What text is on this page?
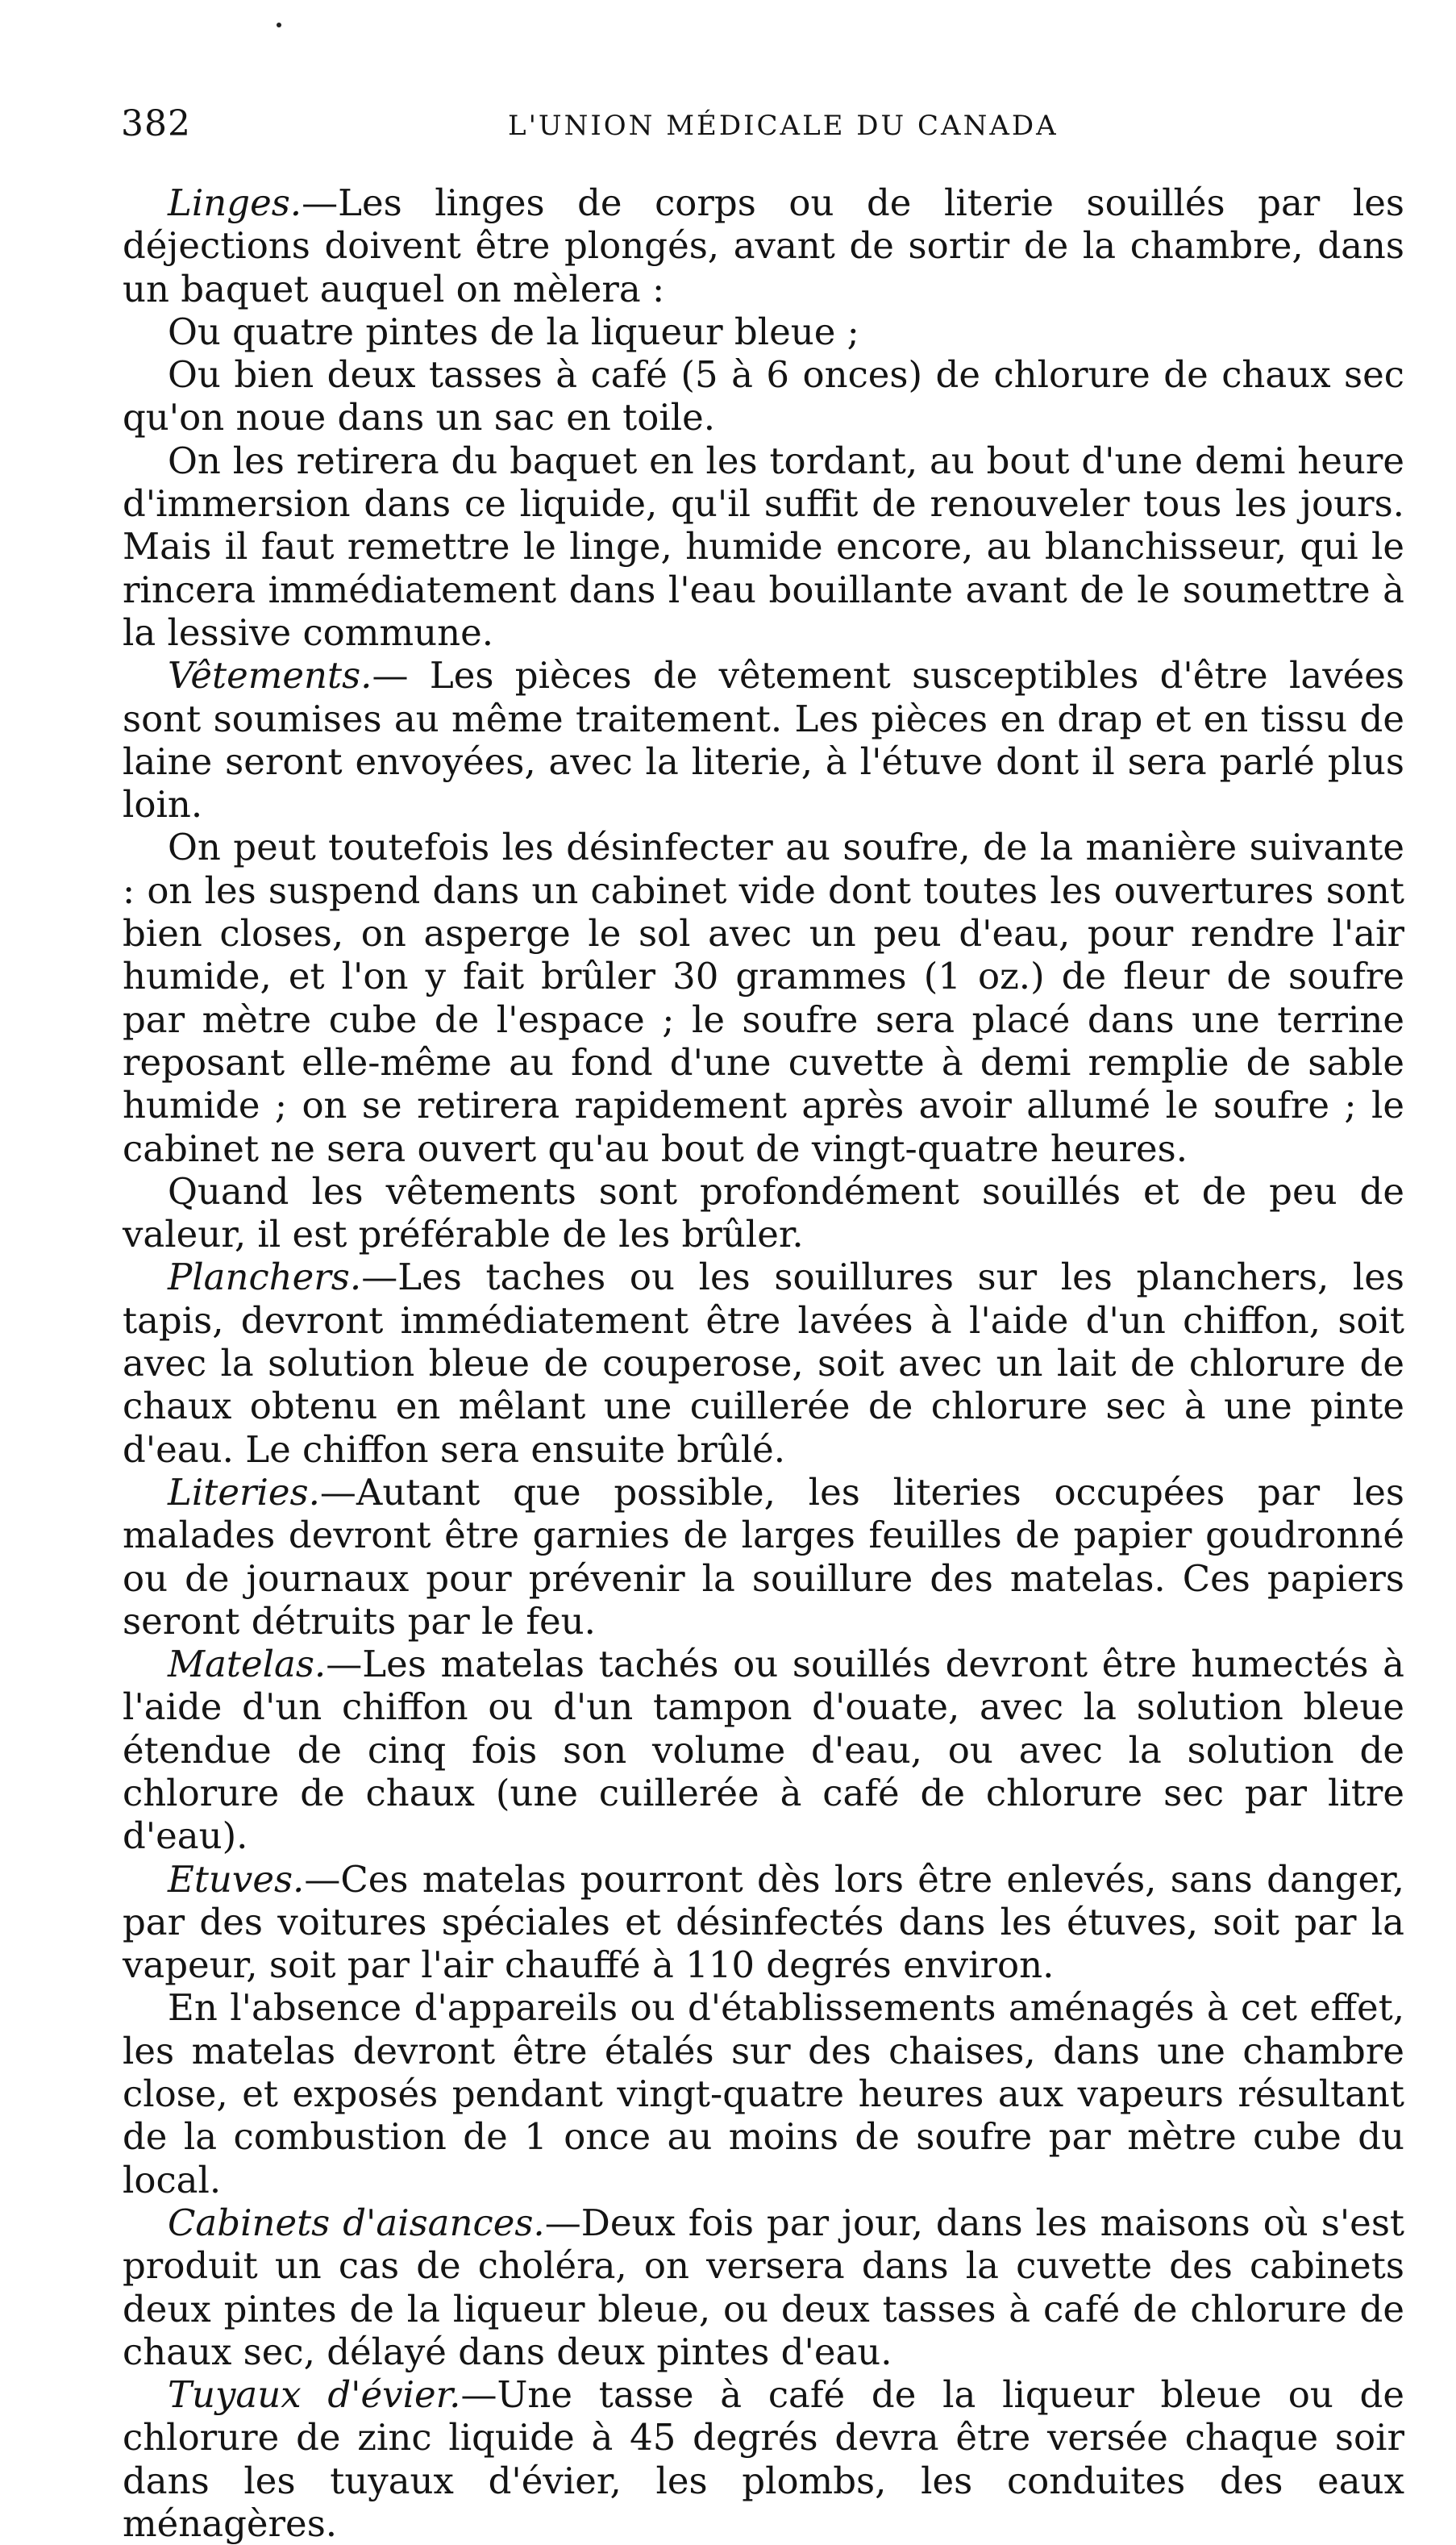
382	L'UNION MÉDICALE DU CANADA

Linges.—Les linges de corps ou de literie souillés par les déjections doivent être plongés, avant de sortir de la chambre, dans un baquet auquel on mèlera :

Ou quatre pintes de la liqueur bleue ;

Ou bien deux tasses à café (5 à 6 onces) de chlorure de chaux sec qu'on noue dans un sac en toile.

On les retirera du baquet en les tordant, au bout d'une demi heure d'immersion dans ce liquide, qu'il suffit de renouveler tous les jours. Mais il faut remettre le linge, humide encore, au blanchisseur, qui le rincera immédiatement dans l'eau bouillante avant de le soumettre à la lessive commune.

Vêtements.— Les pièces de vêtement susceptibles d'être lavées sont soumises au même traitement. Les pièces en drap et en tissu de laine seront envoyées, avec la literie, à l'étuve dont il sera parlé plus loin.

On peut toutefois les désinfecter au soufre, de la manière suivante : on les suspend dans un cabinet vide dont toutes les ouvertures sont bien closes, on asperge le sol avec un peu d'eau, pour rendre l'air humide, et l'on y fait brûler 30 grammes (1 oz.) de fleur de soufre par mètre cube de l'espace ; le soufre sera placé dans une terrine reposant elle-même au fond d'une cuvette à demi remplie de sable humide ; on se retirera rapidement après avoir allumé le soufre ; le cabinet ne sera ouvert qu'au bout de vingt-quatre heures.

Quand les vêtements sont profondément souillés et de peu de valeur, il est préférable de les brûler.

Planchers.—Les taches ou les souillures sur les planchers, les tapis, devront immédiatement être lavées à l'aide d'un chiffon, soit avec la solution bleue de couperose, soit avec un lait de chlorure de chaux obtenu en mêlant une cuillerée de chlorure sec à une pinte d'eau. Le chiffon sera ensuite brûlé.

Literies.—Autant que possible, les literies occupées par les malades devront être garnies de larges feuilles de papier goudronné ou de journaux pour prévenir la souillure des matelas. Ces papiers seront détruits par le feu.

Matelas.—Les matelas tachés ou souillés devront être humectés à l'aide d'un chiffon ou d'un tampon d'ouate, avec la solution bleue étendue de cinq fois son volume d'eau, ou avec la solution de chlorure de chaux (une cuillerée à café de chlorure sec par litre d'eau).

Etuves.—Ces matelas pourront dès lors être enlevés, sans danger, par des voitures spéciales et désinfectés dans les étuves, soit par la vapeur, soit par l'air chauffé à 110 degrés environ.

En l'absence d'appareils ou d'établissements aménagés à cet effet, les matelas devront être étalés sur des chaises, dans une chambre close, et exposés pendant vingt-quatre heures aux vapeurs résultant de la combustion de 1 once au moins de soufre par mètre cube du local.

Cabinets d'aisances.—Deux fois par jour, dans les maisons où s'est produit un cas de choléra, on versera dans la cuvette des cabinets deux pintes de la liqueur bleue, ou deux tasses à café de chlorure de chaux sec, délayé dans deux pintes d'eau.

Tuyaux d'évier.—Une tasse à café de la liqueur bleue ou de chlorure de zinc liquide à 45 degrés devra être versée chaque soir dans les tuyaux d'évier, les plombs, les conduites des eaux ménagères.
